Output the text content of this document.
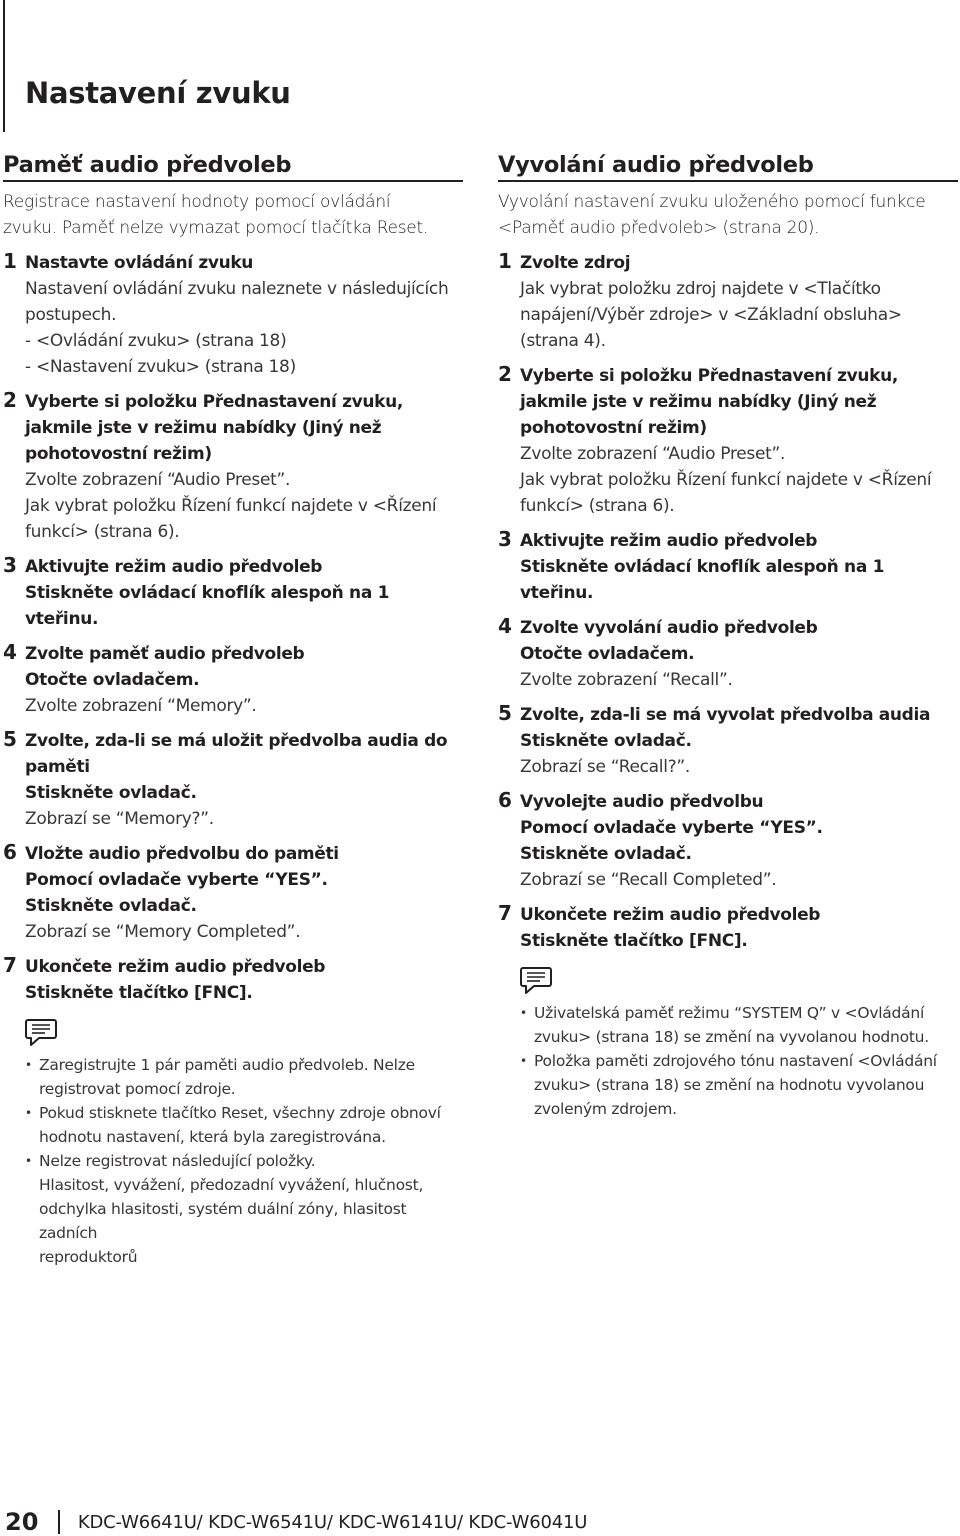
Nastavení zvuku
Paměť audio předvoleb
Registrace nastavení hodnoty pomocí ovládání
zvuku. Paměť nelze vymazat pomocí tlačítka Reset.
1 Nastavte ovládání zvuku
Nastavení ovládání zvuku naleznete v následujících
postupech.
- <Ovládání zvuku> (strana 18)
- <Nastavení zvuku> (strana 18)
2 Vyberte si položku Přednastavení zvuku,
jakmile jste v režimu nabídky (Jiný než
pohotovostní režim)
Zvolte zobrazení “Audio Preset”.
Jak vybrat položku Řízení funkcí najdete v <Řízení
funkcí> (strana 6).
3 Aktivujte režim audio předvoleb
Stiskněte ovládací knoflík alespoň na 1 vteřinu.
4 Zvolte paměť audio předvoleb
Otočte ovladačem.
Zvolte zobrazení “Memory”.
5 Zvolte, zda-li se má uložit předvolba audia do
paměti
Stiskněte ovladač.
Zobrazí se “Memory?”.
6 Vložte audio předvolbu do paměti
Pomocí ovladače vyberte “YES”.
Stiskněte ovladač.
Zobrazí se “Memory Completed”.
7 Ukončete režim audio předvoleb
Stiskněte tlačítko [FNC].
• Zaregistrujte 1 pár paměti audio předvoleb. Nelze
registrovat pomocí zdroje.
• Pokud stisknete tlačítko Reset, všechny zdroje obnoví
hodnotu nastavení, která byla zaregistrována.
• Nelze registrovat následující položky.
Hlasitost, vyvážení, předozadní vyvážení, hlučnost,
odchylka hlasitosti, systém duální zóny, hlasitost zadních
reproduktorů
Vyvolání audio předvoleb
Vyvolání nastavení zvuku uloženého pomocí funkce
<Paměť audio předvoleb> (strana 20).
1 Zvolte zdroj
Jak vybrat položku zdroj najdete v <Tlačítko
napájení/Výběr zdroje> v <Základní obsluha>
(strana 4).
2 Vyberte si položku Přednastavení zvuku,
jakmile jste v režimu nabídky (Jiný než
pohotovostní režim)
Zvolte zobrazení “Audio Preset”.
Jak vybrat položku Řízení funkcí najdete v <Řízení
funkcí> (strana 6).
3 Aktivujte režim audio předvoleb
Stiskněte ovládací knoflík alespoň na 1 vteřinu.
4 Zvolte vyvolání audio předvoleb
Otočte ovladačem.
Zvolte zobrazení “Recall”.
5 Zvolte, zda-li se má vyvolat předvolba audia
Stiskněte ovladač.
Zobrazí se “Recall?”.
6 Vyvolejte audio předvolbu
Pomocí ovladače vyberte “YES”.
Stiskněte ovladač.
Zobrazí se “Recall Completed”.
7 Ukončete režim audio předvoleb
Stiskněte tlačítko [FNC].
• Uživatelská paměť režimu “SYSTEM Q” v <Ovládání
zvuku> (strana 18) se změní na vyvolanou hodnotu.
• Položka paměti zdrojového tónu nastavení <Ovládání
zvuku> (strana 18) se změní na hodnotu vyvolanou
zvoleným zdrojem.
20 KDC-W6641U/ KDC-W6541U/ KDC-W6141U/ KDC-W6041U
